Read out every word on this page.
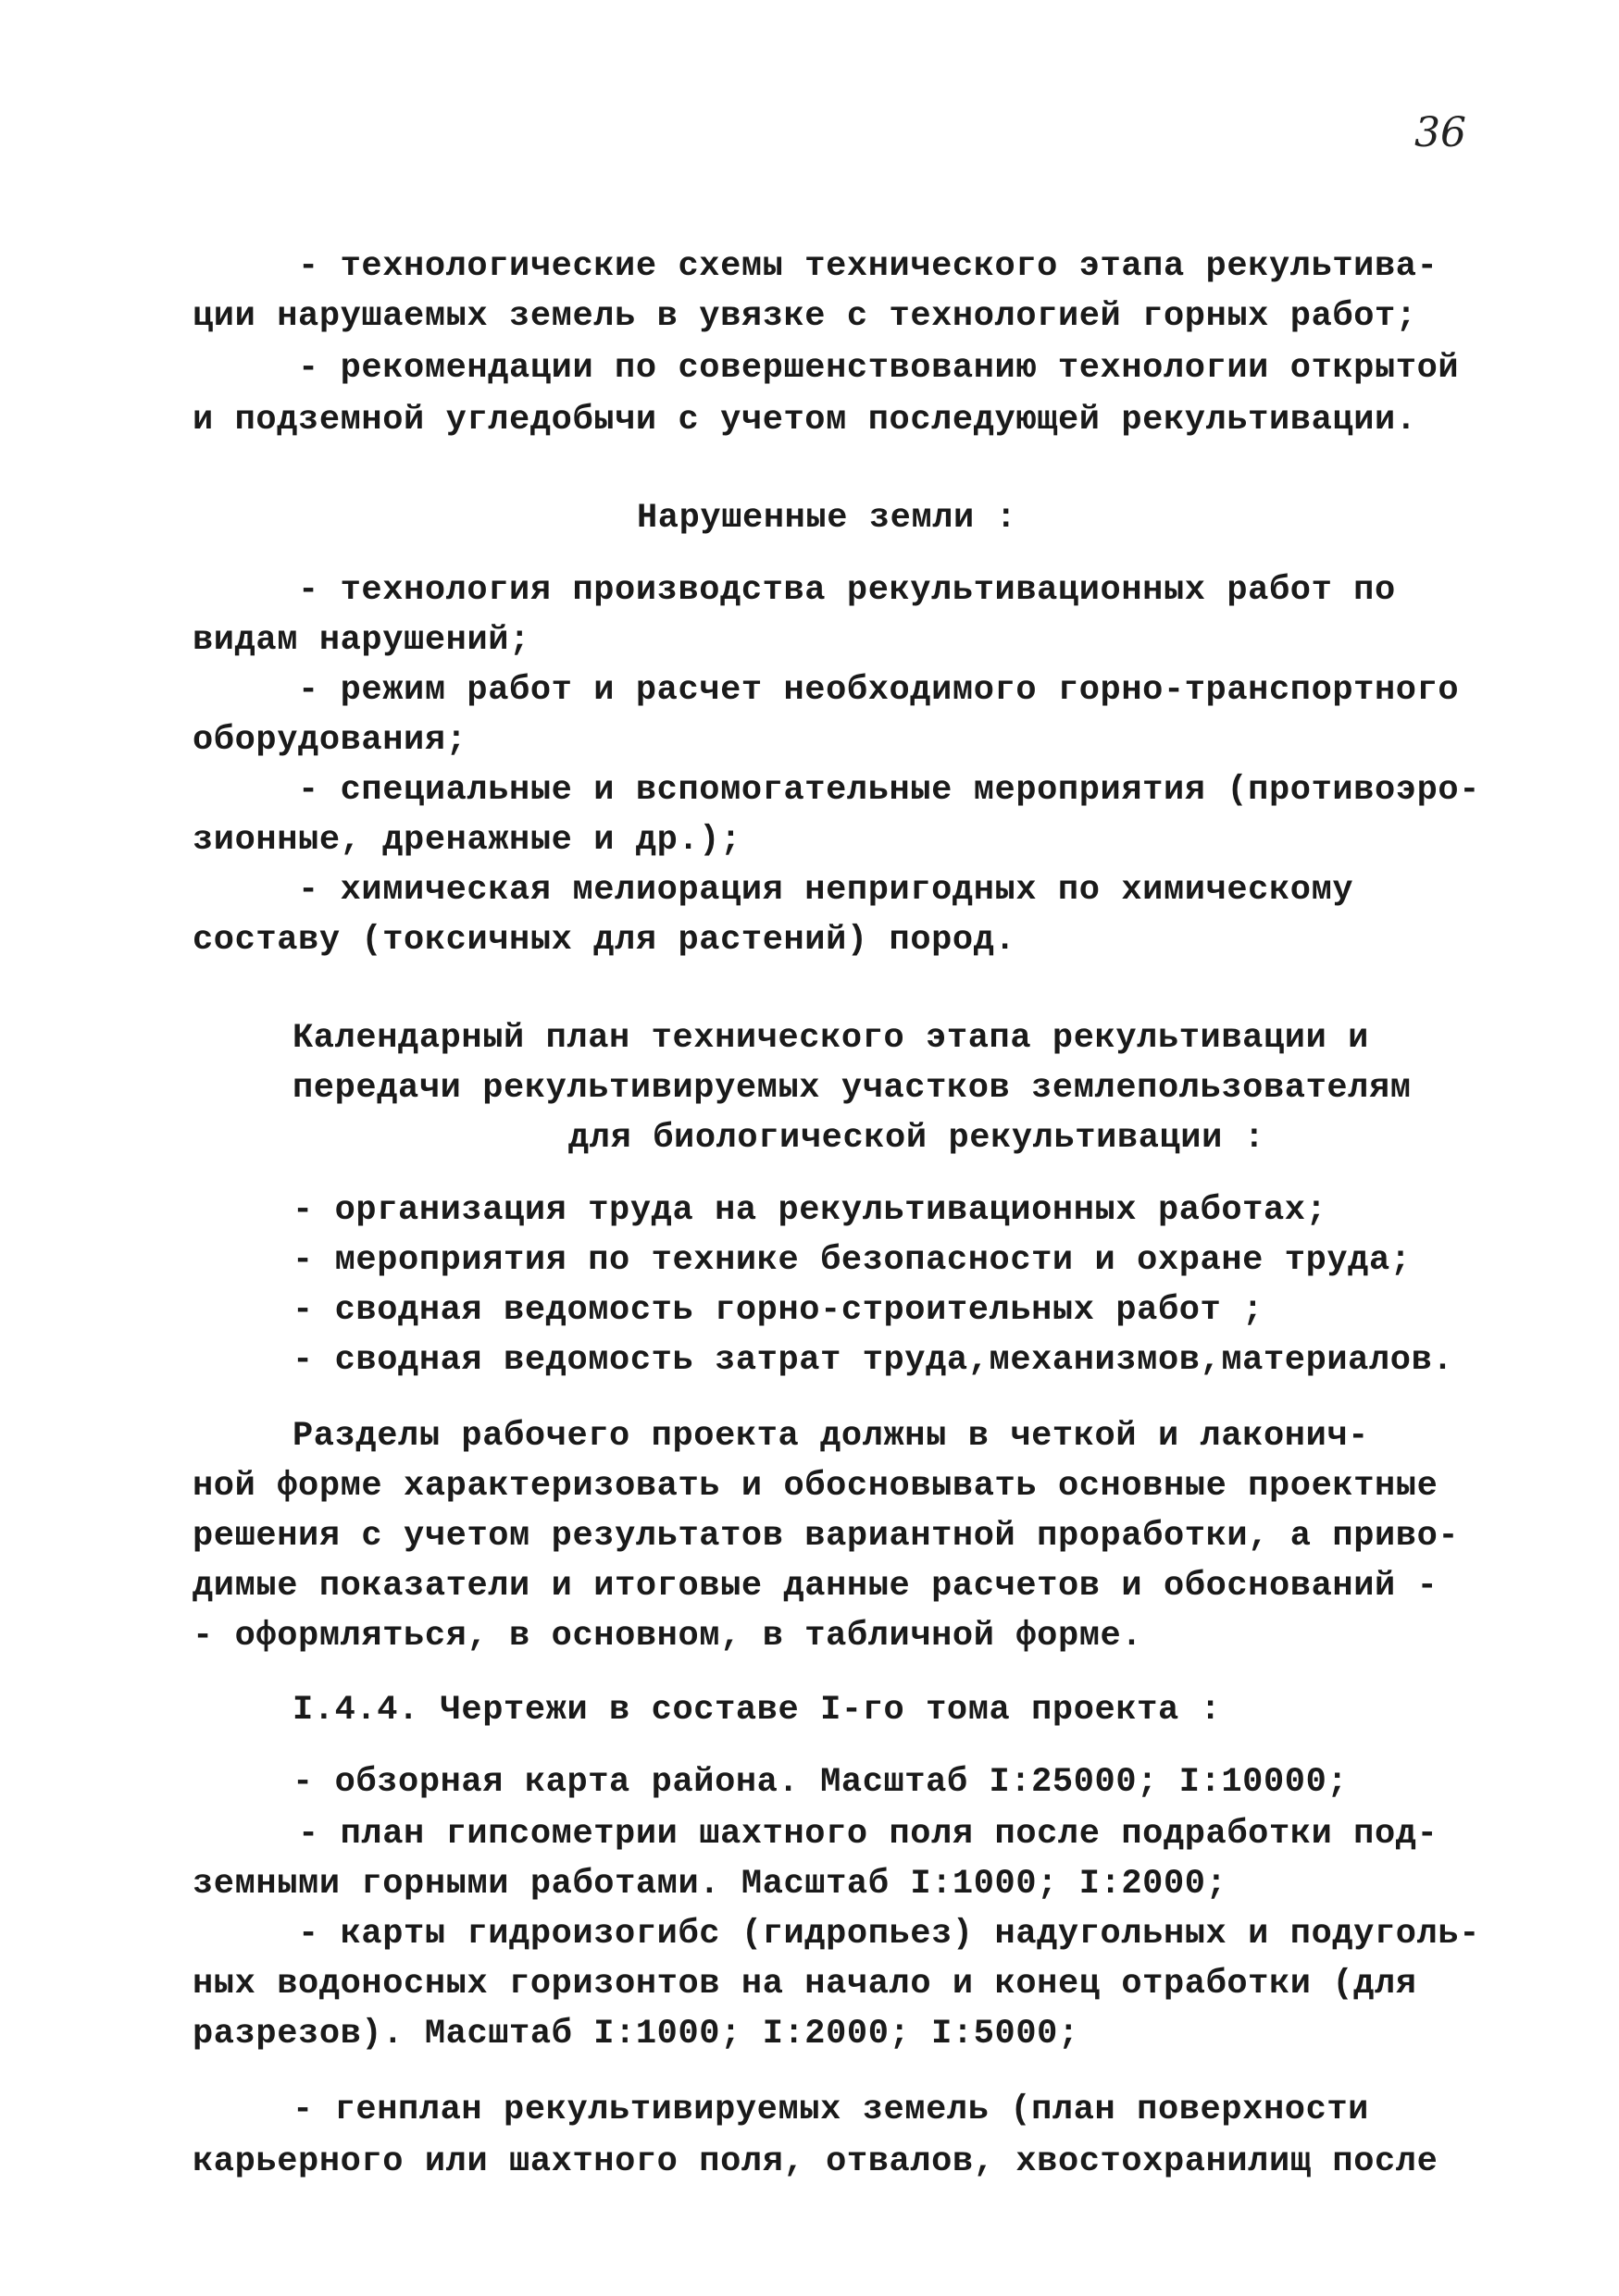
36
- технологические схемы технического этапа рекультива-
ции нарушаемых земель в увязке с технологией горных работ;
- рекомендации по совершенствованию технологии открытой
и подземной угледобычи с учетом последующей рекультивации.
Нарушенные земли :
- технология производства рекультивационных работ по
видам нарушений;
- режим работ и расчет необходимого горно-транспортного
оборудования;
- специальные и вспомогательные мероприятия (противоэро-
зионные, дренажные и др.);
- химическая мелиорация непригодных по химическому
составу (токсичных для растений) пород.
Календарный план технического этапа рекультивации и
передачи рекультивируемых участков землепользователям
для биологической рекультивации :
- организация труда на рекультивационных работах;
- мероприятия по технике безопасности и охране труда;
- сводная ведомость горно-строительных работ ;
- сводная ведомость затрат труда,механизмов,материалов.
Разделы рабочего проекта должны в четкой и лаконич-
ной форме характеризовать и обосновывать основные проектные
решения с учетом результатов вариантной проработки, а приво-
димые показатели и итоговые данные расчетов и обоснований -
- оформляться, в основном, в табличной форме.
I.4.4. Чертежи в составе I-го тома проекта :
- обзорная карта района. Масштаб I:25000; I:10000;
- план гипсометрии шахтного поля после подработки под-
земными горными работами. Масштаб I:1000; I:2000;
- карты гидроизогибс (гидропьез) надугольных и подуголь-
ных водоносных горизонтов на начало и конец отработки (для
разрезов). Масштаб I:1000; I:2000; I:5000;
- генплан рекультивируемых земель (план поверхности
карьерного или шахтного поля, отвалов, хвостохранилищ после
